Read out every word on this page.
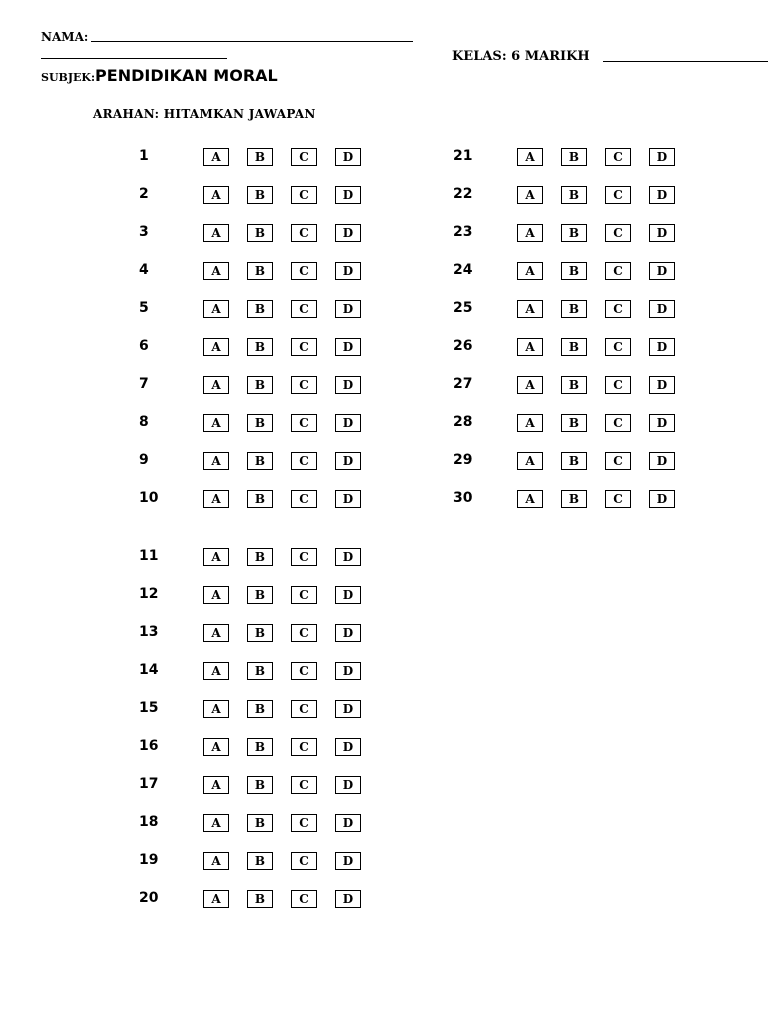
NAMA:
KELAS: 6 MARIKH
SUBJEK:PENDIDIKAN MORAL
ARAHAN: HITAMKAN JAWAPAN
1	A	B	C	D
2	A	B	C	D
3	A	B	C	D
4	A	B	C	D
5	A	B	C	D
6	A	B	C	D
7	A	B	C	D
8	A	B	C	D
9	A	B	C	D
10	A	B	C	D
11	A	B	C	D
12	A	B	C	D
13	A	B	C	D
14	A	B	C	D
15	A	B	C	D
16	A	B	C	D
17	A	B	C	D
18	A	B	C	D
19	A	B	C	D
20	A	B	C	D
21	A	B	C	D
22	A	B	C	D
23	A	B	C	D
24	A	B	C	D
25	A	B	C	D
26	A	B	C	D
27	A	B	C	D
28	A	B	C	D
29	A	B	C	D
30	A	B	C	D
